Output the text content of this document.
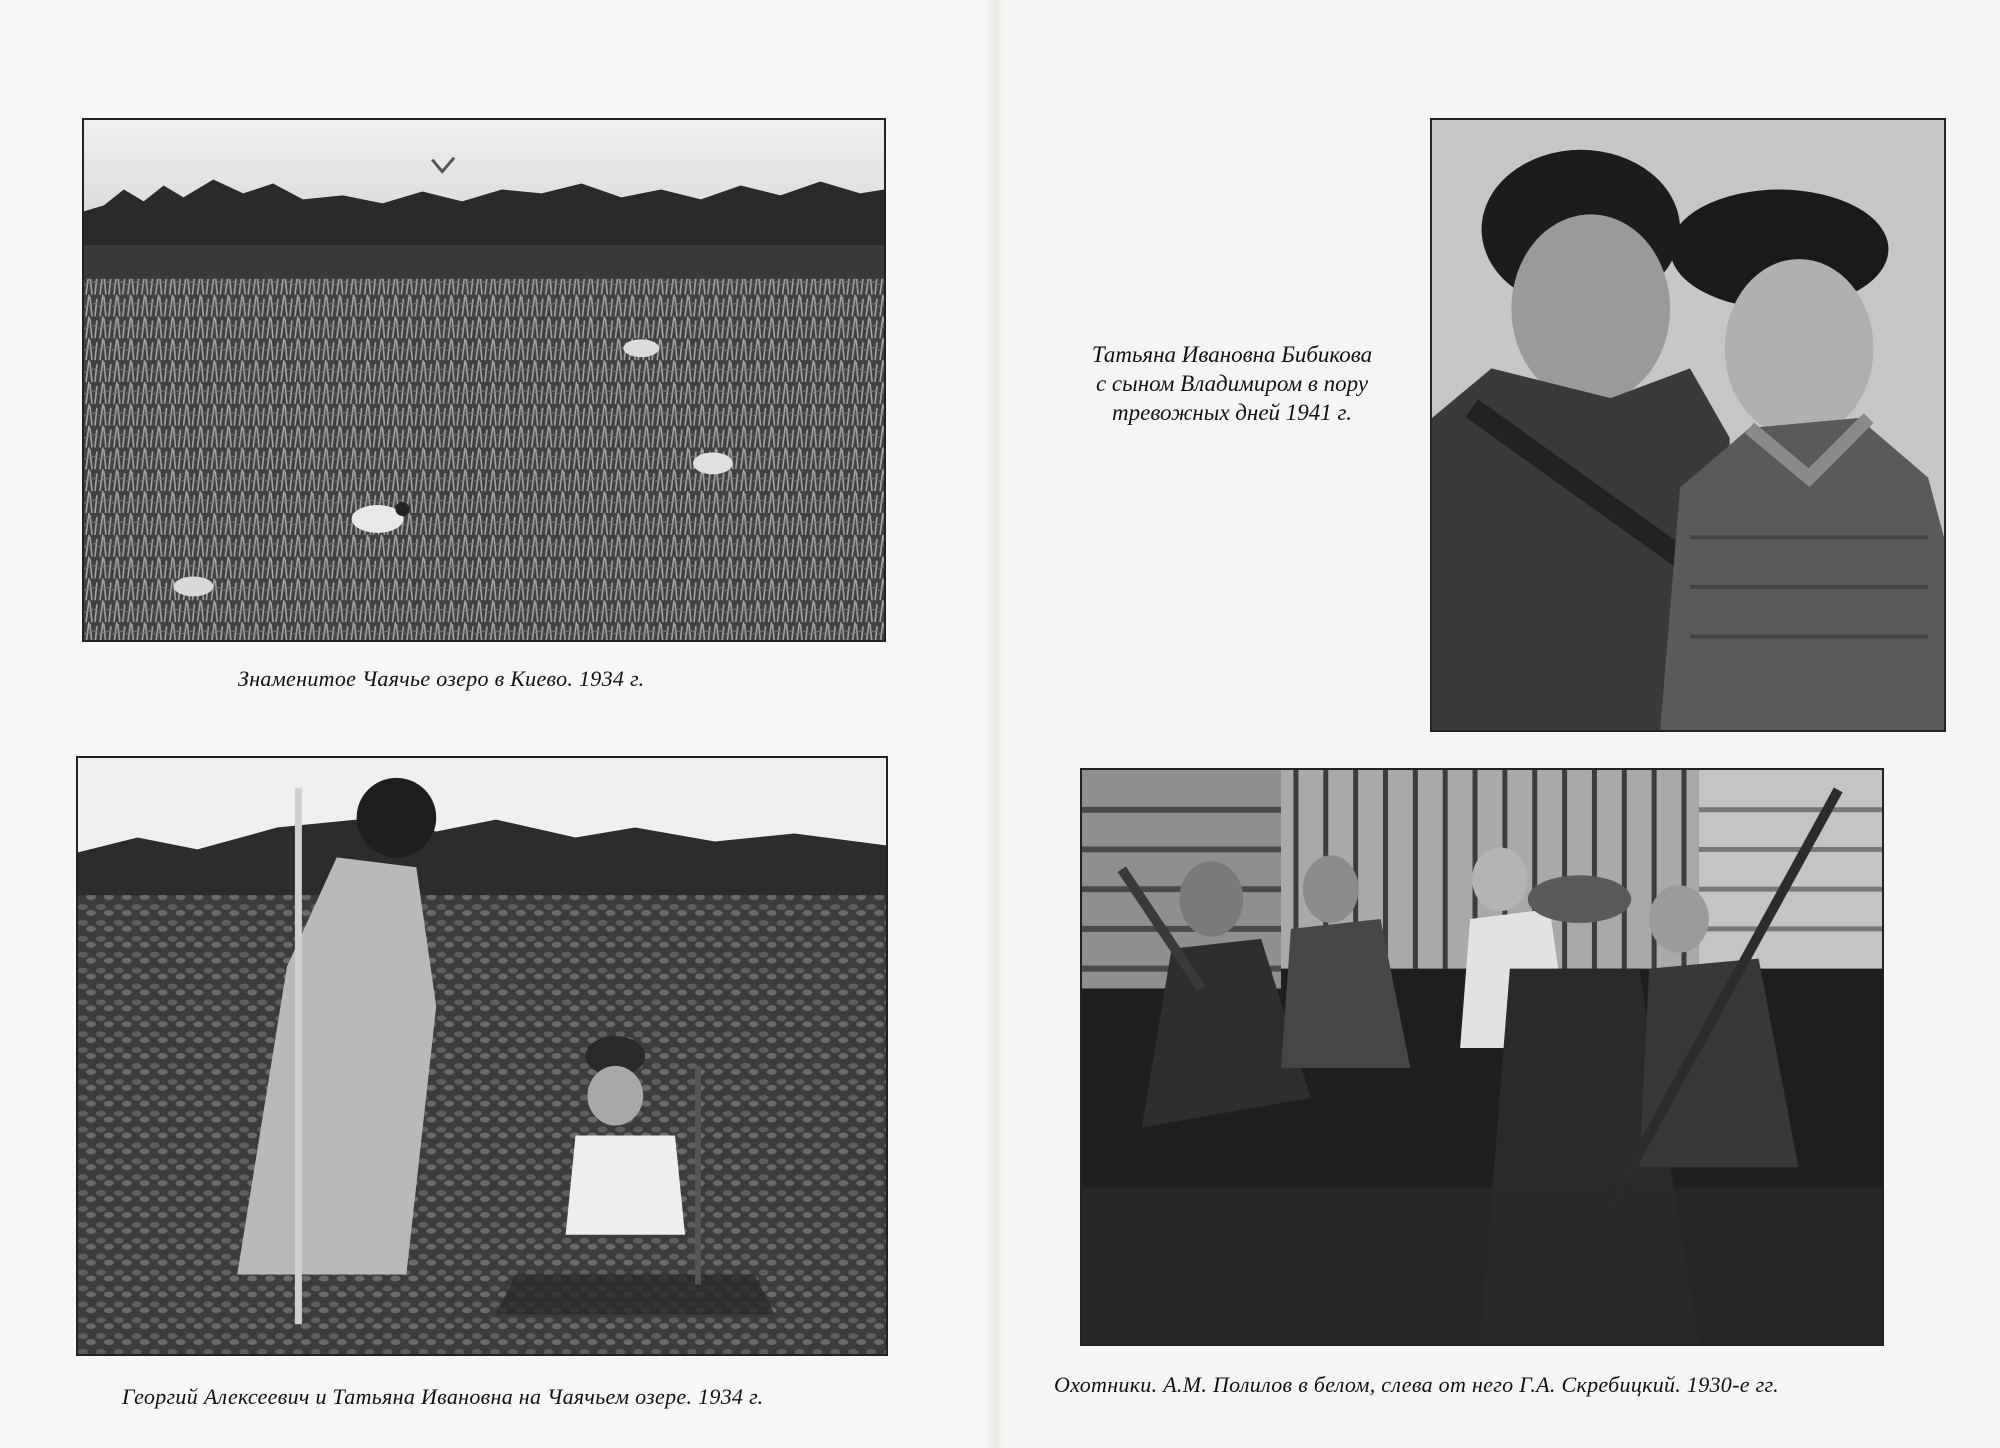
Знаменитое Чаячье озеро в Киево. 1934 г.
Татьяна Ивановна Бибикова
с сыном Владимиром в пору
тревожных дней 1941 г.
Георгий Алексеевич и Татьяна Ивановна на Чаячьем озере. 1934 г.	Охотники. А.М. Полилов в белом, слева от него Г.А. Скребицкий. 1930-е гг.
